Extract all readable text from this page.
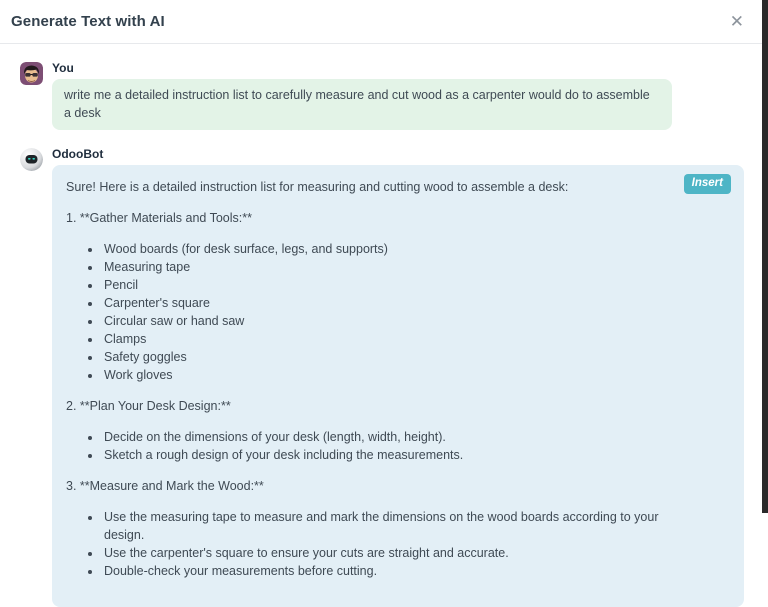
Generate Text with AI	✕
You
write me a detailed instruction list to carefully measure and cut wood as a carpenter would do to assemble a desk
OdooBot
Insert

Sure! Here is a detailed instruction list for measuring and cutting wood to assemble a desk:

1. **Gather Materials and Tools:**
• Wood boards (for desk surface, legs, and supports)
• Measuring tape
• Pencil
• Carpenter's square
• Circular saw or hand saw
• Clamps
• Safety goggles
• Work gloves
2. **Plan Your Desk Design:**
• Decide on the dimensions of your desk (length, width, height).
• Sketch a rough design of your desk including the measurements.
3. **Measure and Mark the Wood:**
• Use the measuring tape to measure and mark the dimensions on the wood boards according to your design.
• Use the carpenter's square to ensure your cuts are straight and accurate.
• Double-check your measurements before cutting.
